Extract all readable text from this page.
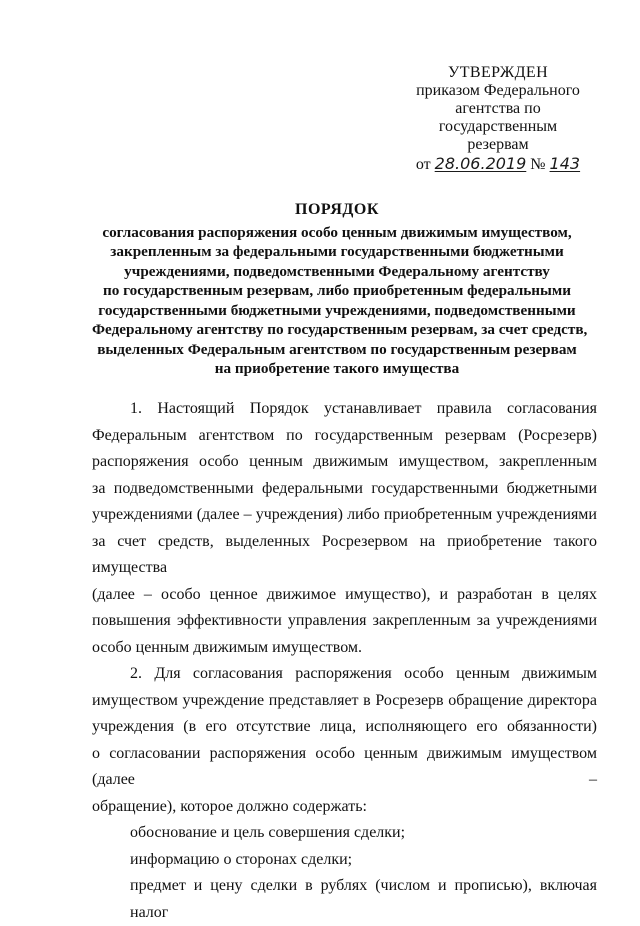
УТВЕРЖДЕН
приказом Федерального
агентства по государственным
резервам
от 28.06.2019 № 143
ПОРЯДОК
согласования распоряжения особо ценным движимым имуществом,
закрепленным за федеральными государственными бюджетными
учреждениями, подведомственными Федеральному агентству
по государственным резервам, либо приобретенным федеральными
государственными бюджетными учреждениями, подведомственными
Федеральному агентству по государственным резервам, за счет средств,
выделенных Федеральным агентством по государственным резервам
на приобретение такого имущества
1. Настоящий Порядок устанавливает правила согласования
Федеральным агентством по государственным резервам (Росрезерв)
распоряжения особо ценным движимым имуществом, закрепленным
за подведомственными федеральными государственными бюджетными
учреждениями (далее – учреждения) либо приобретенным учреждениями
за счет средств, выделенных Росрезервом на приобретение такого имущества
(далее – особо ценное движимое имущество), и разработан в целях
повышения эффективности управления закрепленным за учреждениями
особо ценным движимым имуществом.
2. Для согласования распоряжения особо ценным движимым
имуществом учреждение представляет в Росрезерв обращение директора
учреждения (в его отсутствие лица, исполняющего его обязанности)
о согласовании распоряжения особо ценным движимым имуществом (далее –
обращение), которое должно содержать:
обоснование и цель совершения сделки;
информацию о сторонах сделки;
предмет и цену сделки в рублях (числом и прописью), включая налог
